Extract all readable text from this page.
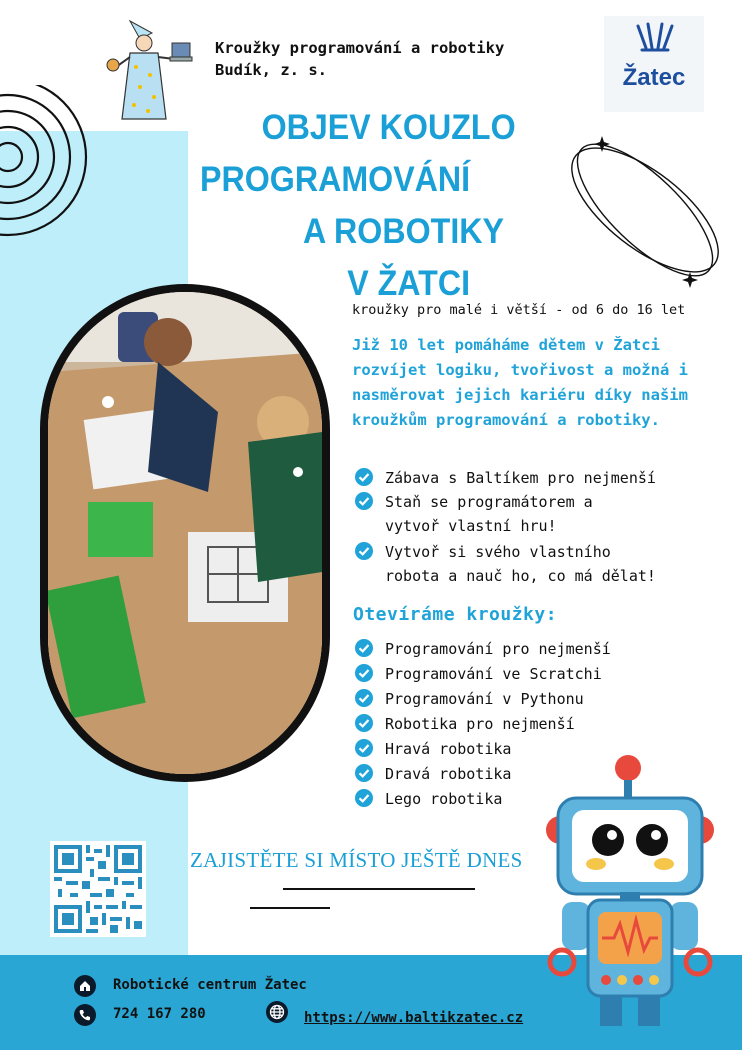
Kroužky programování a robotiky
Budík, z. s.	Žatec
OBJEV KOUZLO
PROGRAMOVÁNÍ
A ROBOTIKY
V ŽATCI
kroužky pro malé i větší - od 6 do 16 let
Již 10 let pomáháme dětem v Žatci rozvíjet logiku, tvořivost a možná i nasměrovat jejich kariéru díky našim kroužkům programování a robotiky.
Zábava s Baltíkem pro nejmenší
Staň se programátorem a
vytvoř vlastní hru!
Vytvoř si svého vlastního
robota a nauč ho, co má dělat!
Otevíráme kroužky:
Programování pro nejmenší
Programování ve Scratchi
Programování v Pythonu
Robotika pro nejmenší
Hravá robotika
Dravá robotika
Lego robotika
ZAJISTĚTE SI MÍSTO JEŠTĚ DNES
Robotické centrum Žatec
724 167 280	https://www.baltikzatec.cz
